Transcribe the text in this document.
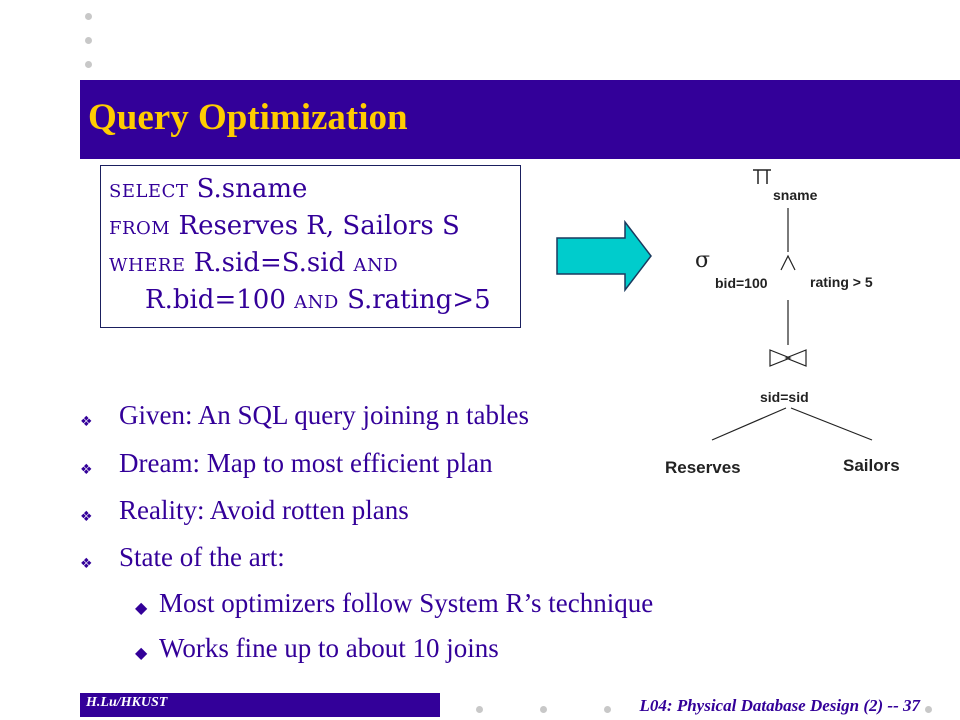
Query Optimization
SELECT S.sname
FROM Reserves R, Sailors S
WHERE R.sid=S.sid AND
R.bid=100 AND S.rating>5
sname
σ
bid=100	rating > 5
sid=sid
Reserves	Sailors
❖ Given: An SQL query joining n tables
❖ Dream: Map to most efficient plan
❖ Reality: Avoid rotten plans
❖ State of the art:
◆ Most optimizers follow System R’s technique
◆ Works fine up to about 10 joins
H.Lu/HKUST	L04: Physical Database Design (2) -- 37
